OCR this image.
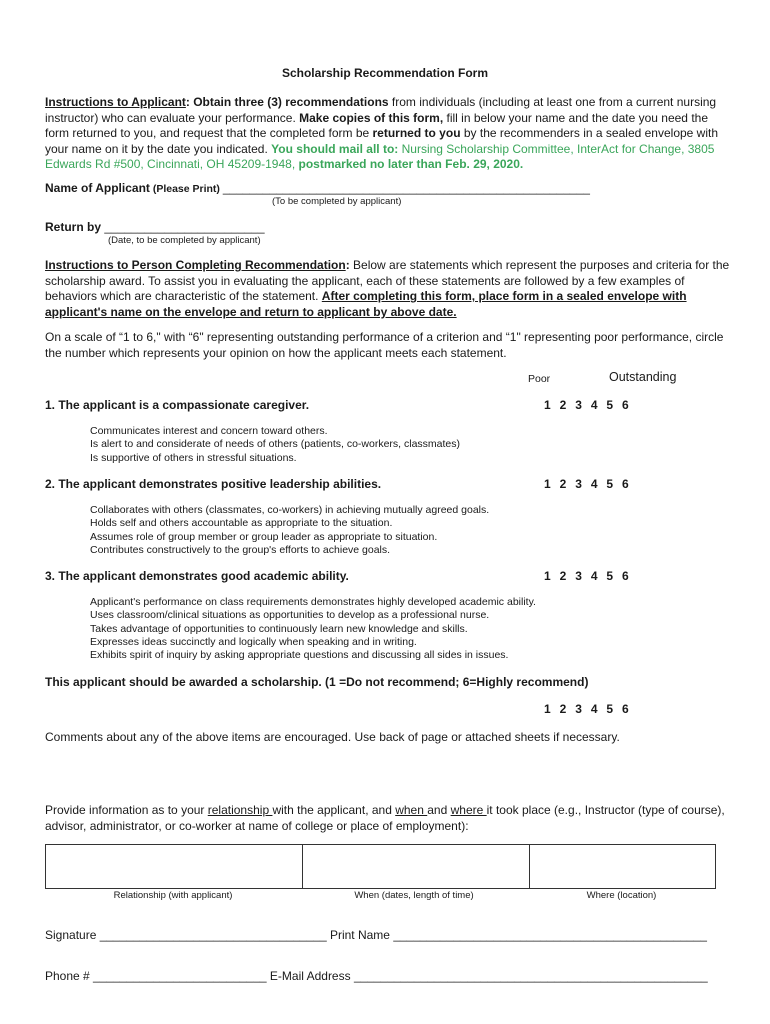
Scholarship Recommendation Form
Instructions to Applicant: Obtain three (3) recommendations from individuals (including at least one from a current nursing instructor) who can evaluate your performance. Make copies of this form, fill in below your name and the date you need the form returned to you, and request that the completed form be returned to you by the recommenders in a sealed envelope with your name on it by the date you indicated. You should mail all to: Nursing Scholarship Committee, InterAct for Change, 3805 Edwards Rd #500, Cincinnati, OH 45209-1948, postmarked no later than Feb. 29, 2020.
Name of Applicant (Please Print) _______________________________________________________
(To be completed by applicant)
Return by ________________________
(Date, to be completed by applicant)
Instructions to Person Completing Recommendation: Below are statements which represent the purposes and criteria for the scholarship award. To assist you in evaluating the applicant, each of these statements are followed by a few examples of behaviors which are characteristic of the statement. After completing this form, place form in a sealed envelope with applicant's name on the envelope and return to applicant by above date.
On a scale of “1 to 6," with “6" representing outstanding performance of a criterion and “1" representing poor performance, circle the number which represents your opinion on how the applicant meets each statement.
Poor	Outstanding
1. The applicant is a compassionate caregiver.	1 2 3 4 5 6
Communicates interest and concern toward others.
Is alert to and considerate of needs of others (patients, co-workers, classmates)
Is supportive of others in stressful situations.
2. The applicant demonstrates positive leadership abilities.	1 2 3 4 5 6
Collaborates with others (classmates, co-workers) in achieving mutually agreed goals.
Holds self and others accountable as appropriate to the situation.
Assumes role of group member or group leader as appropriate to situation.
Contributes constructively to the group's efforts to achieve goals.
3. The applicant demonstrates good academic ability.	1 2 3 4 5 6
Applicant's performance on class requirements demonstrates highly developed academic ability.
Uses classroom/clinical situations as opportunities to develop as a professional nurse.
Takes advantage of opportunities to continuously learn new knowledge and skills.
Expresses ideas succinctly and logically when speaking and in writing.
Exhibits spirit of inquiry by asking appropriate questions and discussing all sides in issues.
This applicant should be awarded a scholarship. (1 =Do not recommend; 6=Highly recommend)
1 2 3 4 5 6
Comments about any of the above items are encouraged. Use back of page or attached sheets if necessary.
Provide information as to your relationship with the applicant, and when and where it took place (e.g., Instructor (type of course), advisor, administrator, or co-worker at name of college or place of employment):

Relationship (with applicant)	When (dates, length of time)	Where (location)
Signature __________________________________ Print Name _______________________________________________
Phone # __________________________ E-Mail Address _____________________________________________________
